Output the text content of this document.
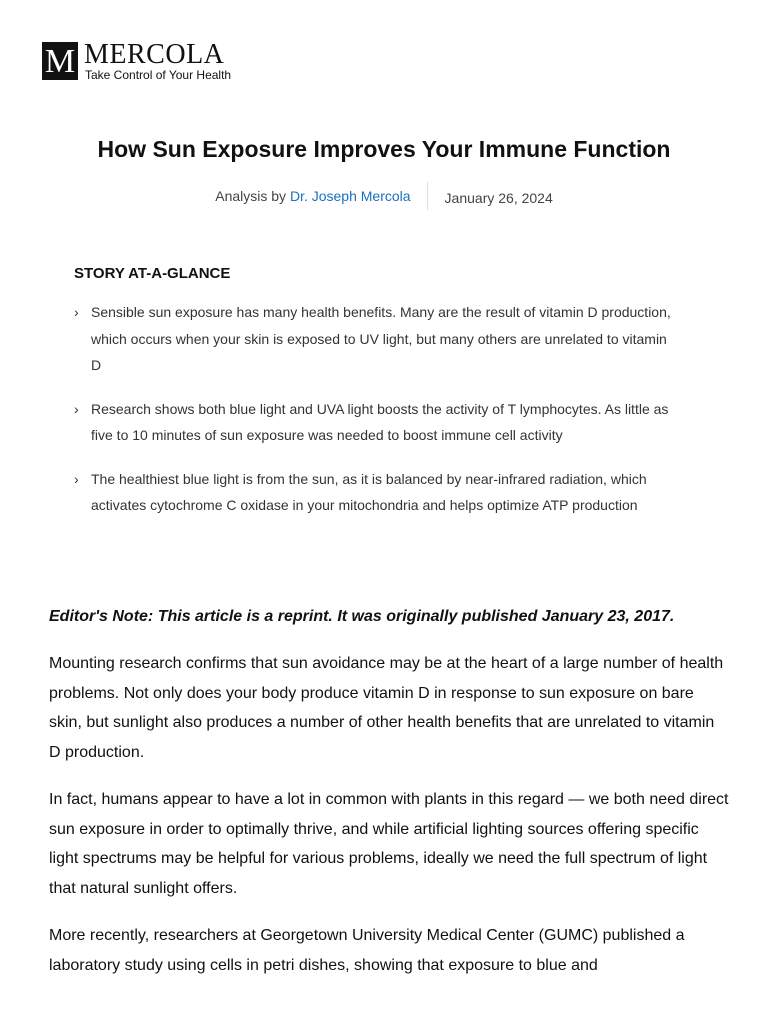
M MERCOLA
Take Control of Your Health
How Sun Exposure Improves Your Immune Function
Analysis by Dr. Joseph Mercola	January 26, 2024
STORY AT-A-GLANCE
› Sensible sun exposure has many health benefits. Many are the result of vitamin D production, which occurs when your skin is exposed to UV light, but many others are unrelated to vitamin D
› Research shows both blue light and UVA light boosts the activity of T lymphocytes. As little as five to 10 minutes of sun exposure was needed to boost immune cell activity
› The healthiest blue light is from the sun, as it is balanced by near-infrared radiation, which activates cytochrome C oxidase in your mitochondria and helps optimize ATP production

Editor's Note: This article is a reprint. It was originally published January 23, 2017.

Mounting research confirms that sun avoidance may be at the heart of a large number of health problems. Not only does your body produce vitamin D in response to sun exposure on bare skin, but sunlight also produces a number of other health benefits that are unrelated to vitamin D production.

In fact, humans appear to have a lot in common with plants in this regard — we both need direct sun exposure in order to optimally thrive, and while artificial lighting sources offering specific light spectrums may be helpful for various problems, ideally we need the full spectrum of light that natural sunlight offers.

More recently, researchers at Georgetown University Medical Center (GUMC) published a laboratory study using cells in petri dishes, showing that exposure to blue and
